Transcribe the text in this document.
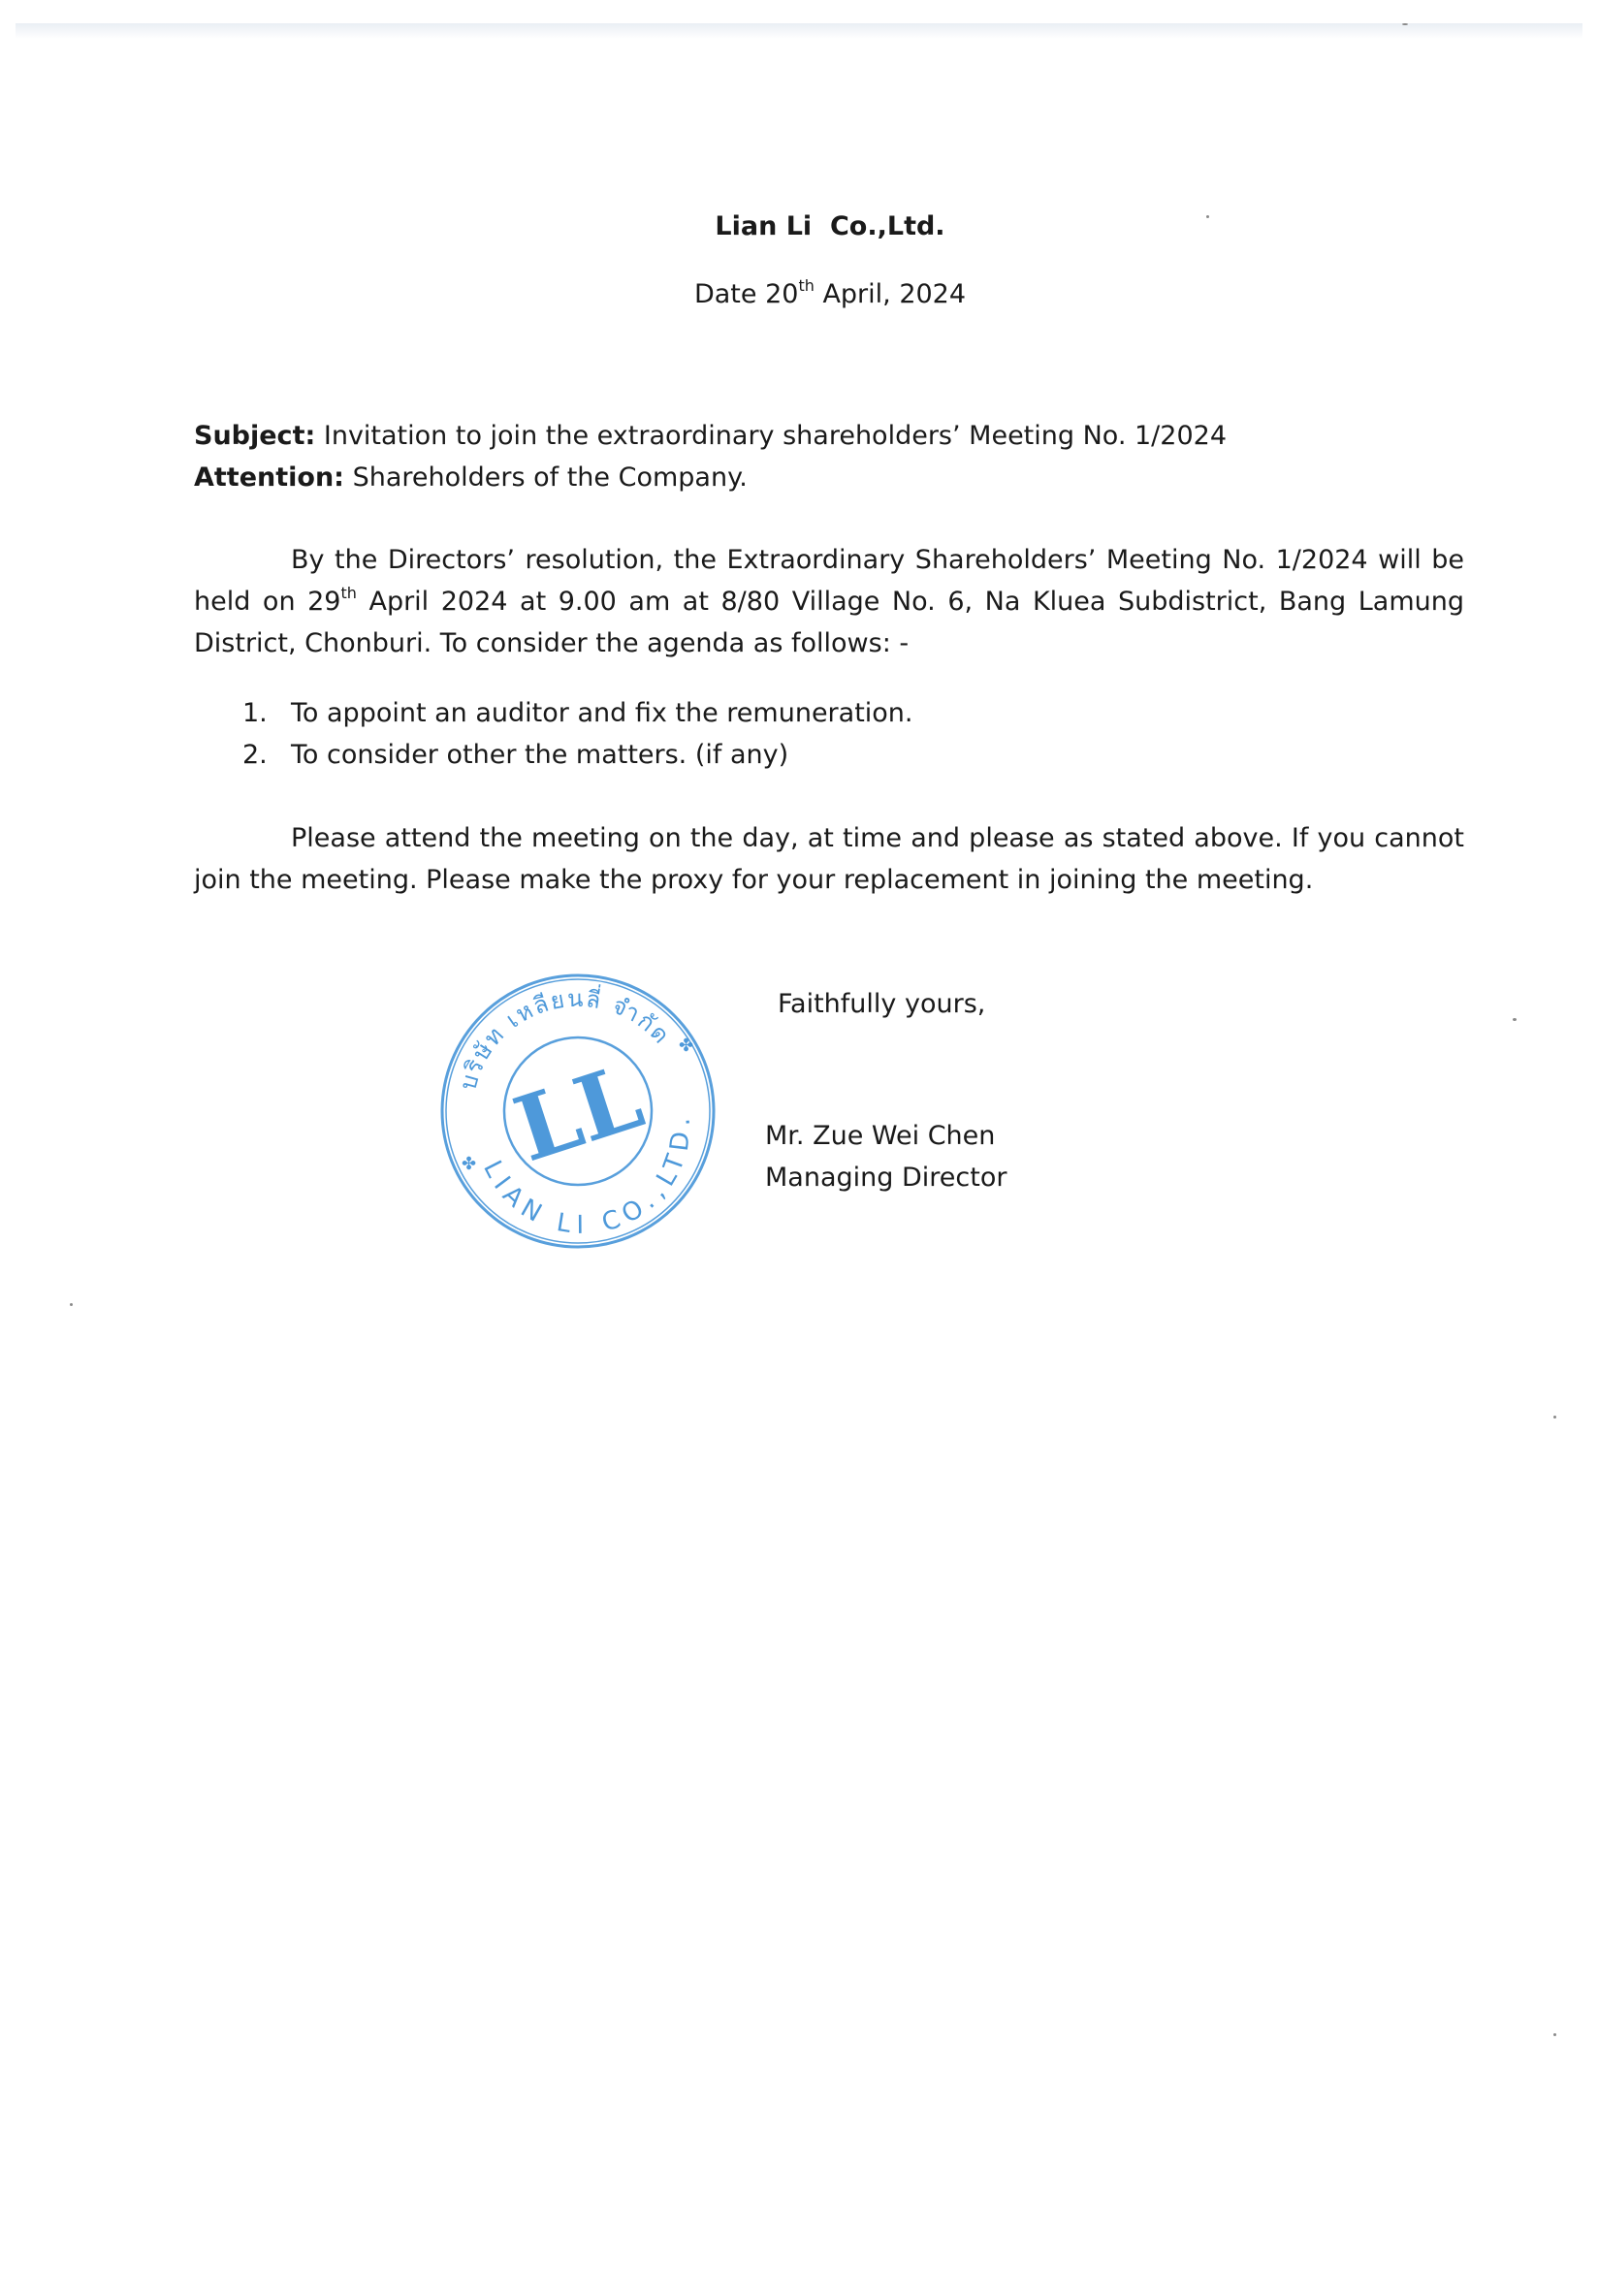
Lian Li  Co.,Ltd.
Date 20th April, 2024
Subject: Invitation to join the extraordinary shareholders’ Meeting No. 1/2024
Attention: Shareholders of the Company.
By the Directors’ resolution, the Extraordinary Shareholders’ Meeting No. 1/2024 will be held on 29th April 2024 at 9.00 am at 8/80 Village No. 6, Na Kluea Subdistrict, Bang Lamung District, Chonburi. To consider the agenda as follows: -
1. To appoint an auditor and fix the remuneration.
2. To consider other the matters. (if any)
Please attend the meeting on the day, at time and please as stated above. If you cannot join the meeting. Please make the proxy for your replacement in joining the meeting.
Faithfully yours,
Mr. Zue Wei Chen
Managing Director
บริษัท เหลียนลี่ จำกัด
LIAN LI CO.,LTD.
LL
✤
✤
